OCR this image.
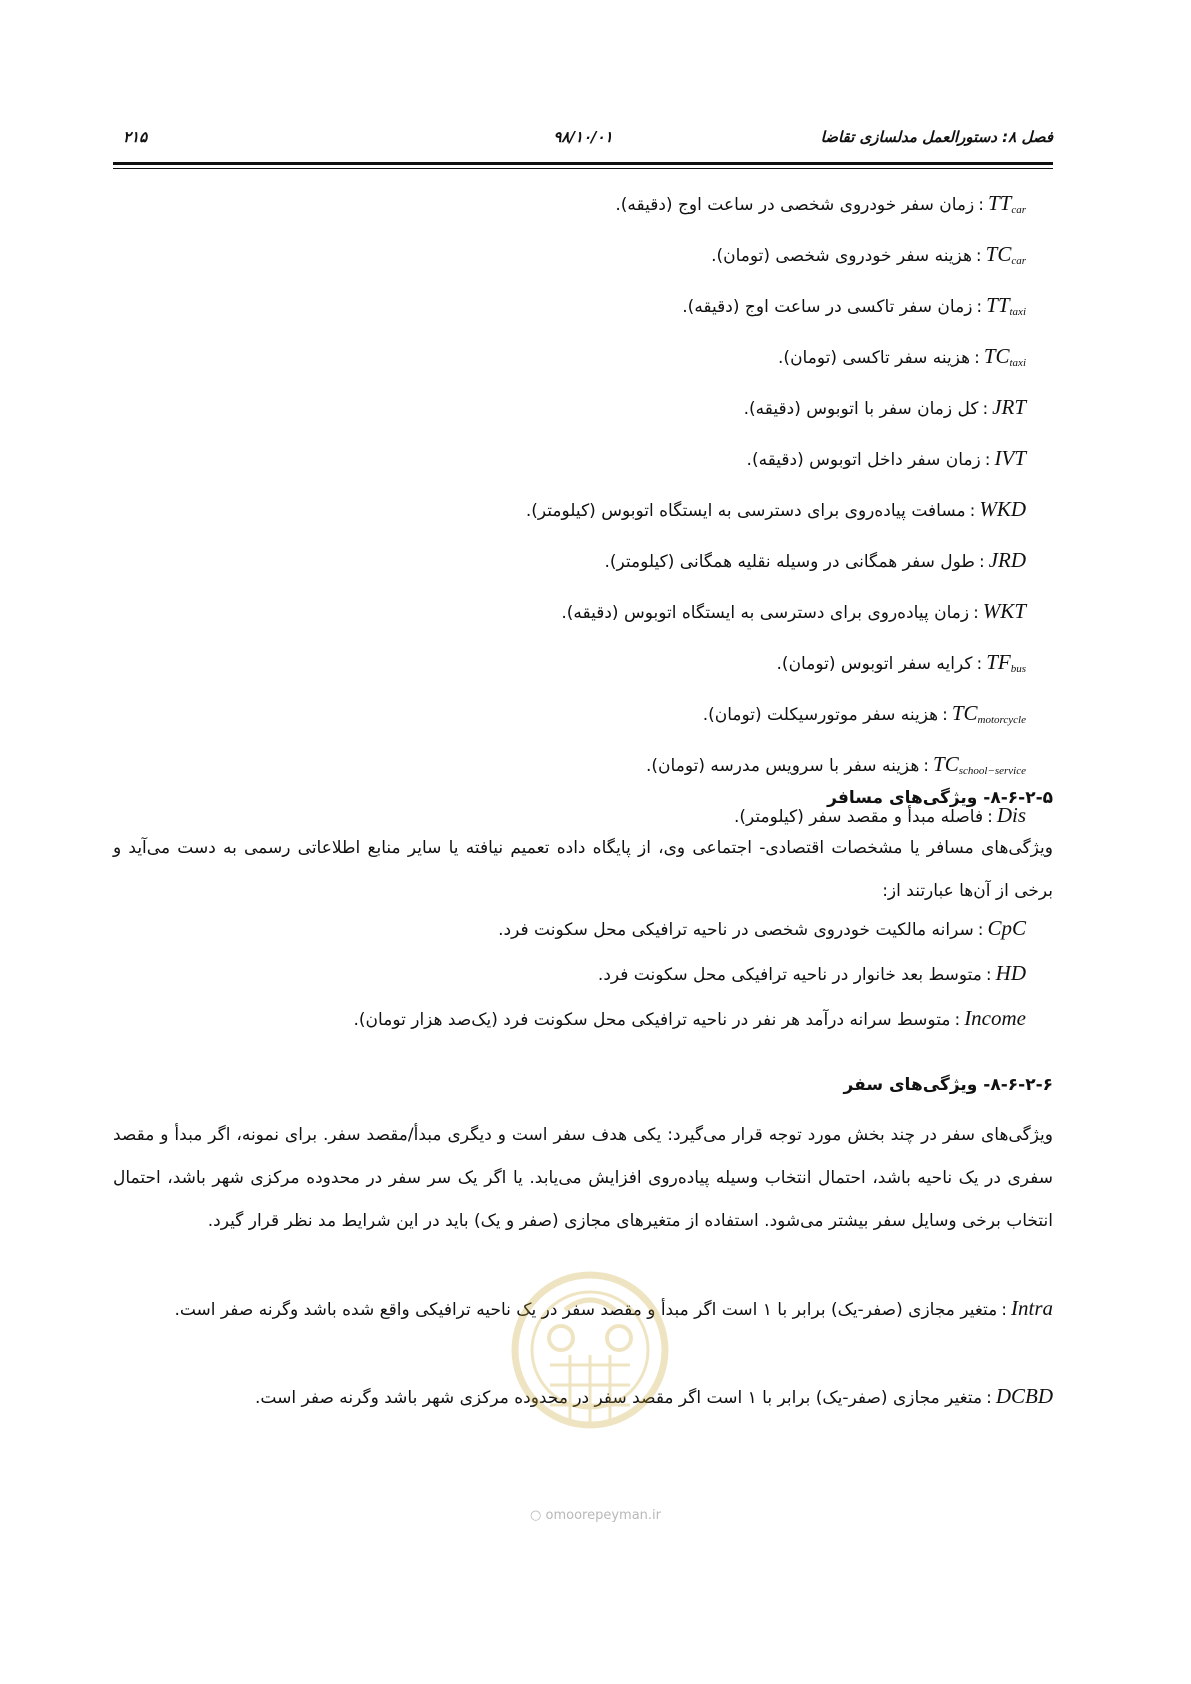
۲۱۵	۹۸/۱۰/۰۱	فصل ۸: دستورالعمل مدلسازی تقاضا
$TT_{car}:زمان$ سفر خودروی شخصی در ساعت اوج (دقیقه).
$TC_{car}:هزینه$ سفر خودروی شخصی (تومان).
$TT_{taxi}:زمان$ سفر تاکسی در ساعت اوج (دقیقه).
$TC_{taxi}:هزینه$ سفر تاکسی (تومان).
JRT:کل زمان سفر با اتوبوس (دقیقه).
IVT:زمان سفر داخل اتوبوس (دقیقه).
WKD:مسافت پیاده‌روی برای دسترسی به ایستگاه اتوبوس (کیلومتر).
JRD:طول سفر همگانی در وسیله نقلیه همگانی (کیلومتر).
WKT:زمان پیاده‌روی برای دسترسی به ایستگاه اتوبوس (دقیقه).
$TF_{bus}:کرایه$ سفر اتوبوس (تومان).
$TC_{motorcycle}:هزینه$ سفر موتورسیکلت (تومان).
$TC_{school-service}:هزینه$ سفر با سرویس مدرسه (تومان).
Dis:فاصله مبدأ و مقصد سفر (کیلومتر).
۸-۶-۲-۵- ویژگی‌های مسافر
ویژگی‌های مسافر یا مشخصات اقتصادی- اجتماعی وی، از پایگاه داده تعمیم نیافته یا سایر منابع اطلاعاتی رسمی به دست می‌آید و برخی از آن‌ها عبارتند از:
CpC:سرانه مالکیت خودروی شخصی در ناحیه ترافیکی محل سکونت فرد.
HD:متوسط بعد خانوار در ناحیه ترافیکی محل سکونت فرد.
Income:متوسط سرانه درآمد هر نفر در ناحیه ترافیکی محل سکونت فرد (یک‌صد هزار تومان).
۸-۶-۲-۶- ویژگی‌های سفر
ویژگی‌های سفر در چند بخش مورد توجه قرار می‌گیرد: یکی هدف سفر است و دیگری مبدأ/مقصد سفر. برای نمونه، اگر مبدأ و مقصد سفری در یک ناحیه باشد، احتمال انتخاب وسیله پیاده‌روی افزایش می‌یابد. یا اگر یک سر سفر در محدوده مرکزی شهر باشد، احتمال انتخاب برخی وسایل سفر بیشتر می‌شود. استفاده از متغیرهای مجازی (صفر و یک) باید در این شرایط مد نظر قرار گیرد.
Intra:متغیر مجازی (صفر-یک) برابر با ۱ است اگر مبدأ و مقصد سفر در یک ناحیه ترافیکی واقع شده باشد وگرنه صفر است.
DCBD:متغیر مجازی (صفر-یک) برابر با ۱ است اگر مقصد سفر در محدوده مرکزی شهر باشد وگرنه صفر است.
○ omoorepeyman.ir
